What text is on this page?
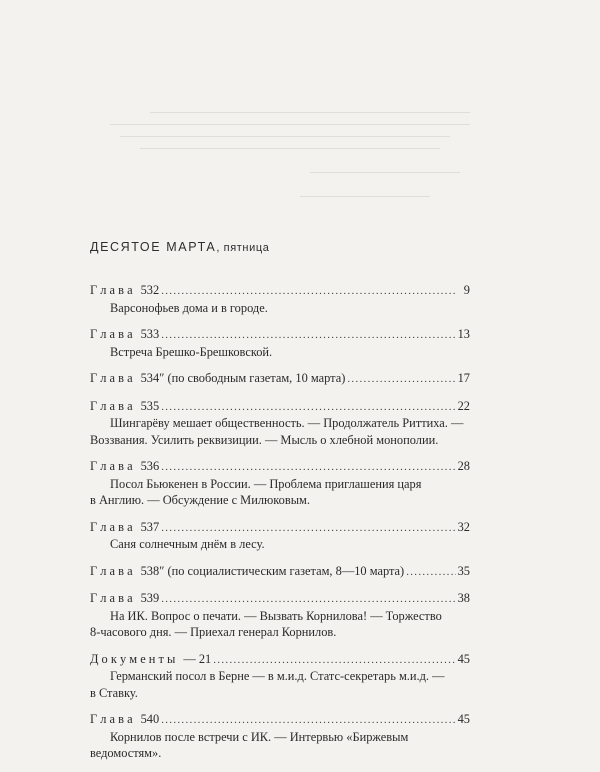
ДЕСЯТОЕ МАРТА, пятница
Г л а в а 532 .....	9
Варсонофьев дома и в городе.
Г л а в а 533 .....	13
Встреча Брешко-Брешковской.
Г л а в а 534 ″ (по свободным газетам, 10 марта) .....	17
Г л а в а 535 .....	22
Шингарёву мешает общественность. — Продолжатель Риттиха. —
Воззвания. Усилить реквизиции. — Мысль о хлебной монополии.
Г л а в а 536 .....	28
Посол Бьюкенен в России. — Проблема приглашения царя
в Англию. — Обсуждение с Милюковым.
Г л а в а 537 .....	32
Саня солнечным днём в лесу.
Г л а в а 538 ″ (по социалистическим газетам, 8—10 марта) .....	35
Г л а в а 539 .....	38
На ИК. Вопрос о печати. — Вызвать Корнилова! — Торжество
8-часового дня. — Приехал генерал Корнилов.
Д о к у м е н т ы — 21 .....	45
Германский посол в Берне — в м.и.д. Статс-секретарь м.и.д. —
в Ставку.
Г л а в а 540 .....	45
Корнилов после встречи с ИК. — Интервью «Биржевым
ведомостям».
